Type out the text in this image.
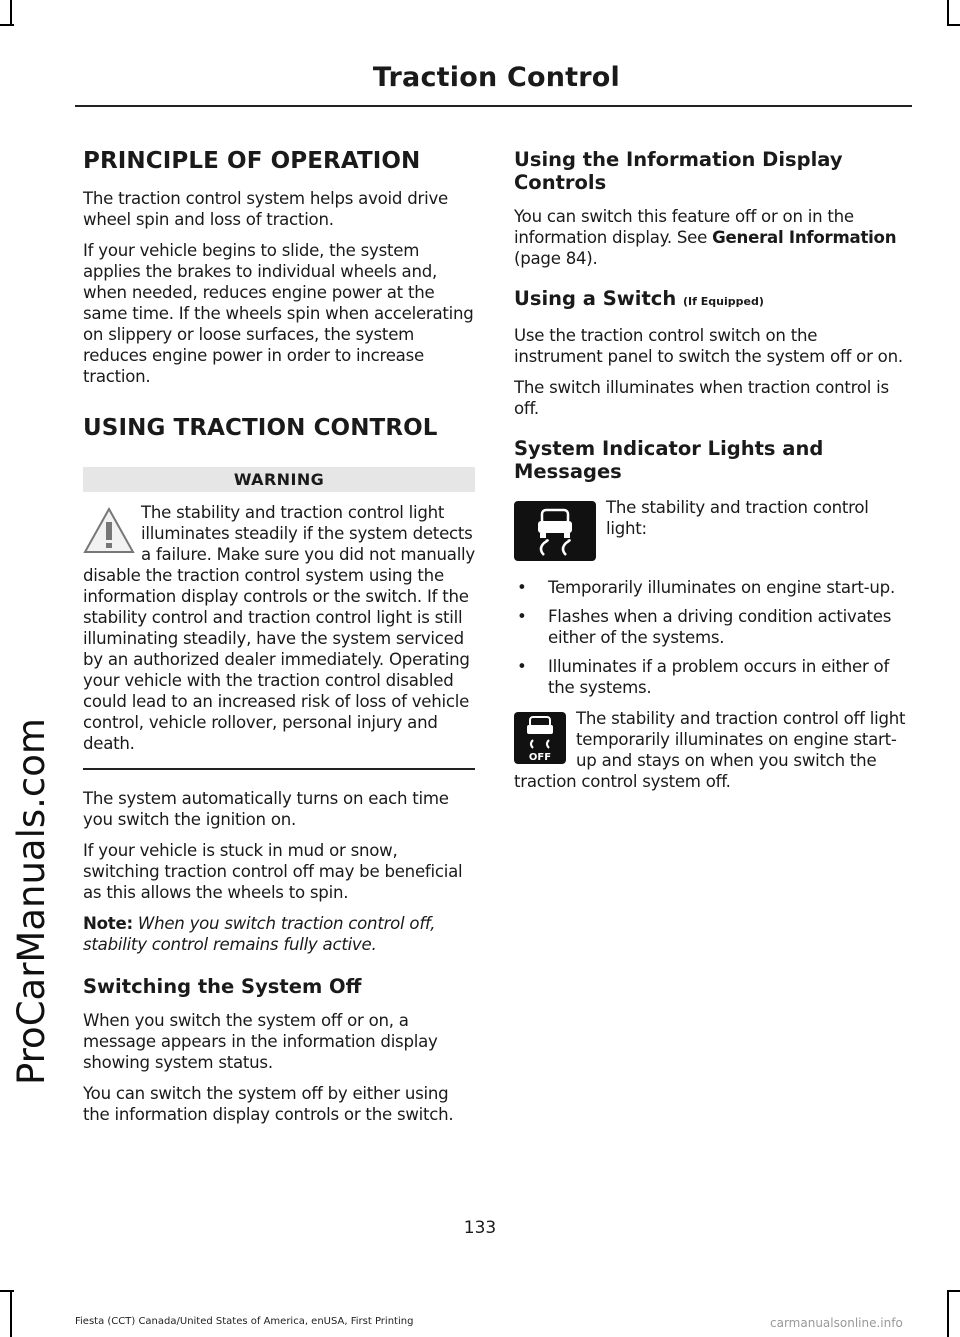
ProCarManuals.com
Traction Control
PRINCIPLE OF OPERATION

The traction control system helps avoid drive wheel spin and loss of traction.

If your vehicle begins to slide, the system applies the brakes to individual wheels and, when needed, reduces engine power at the same time. If the wheels spin when accelerating on slippery or loose surfaces, the system reduces engine power in order to increase traction.

USING TRACTION CONTROL
WARNING
The stability and traction control light illuminates steadily if the system detects a failure. Make sure you did not manually disable the traction control system using the information display controls or the switch. If the stability control and traction control light is still illuminating steadily, have the system serviced by an authorized dealer immediately. Operating your vehicle with the traction control disabled could lead to an increased risk of loss of vehicle control, vehicle rollover, personal injury and death.

The system automatically turns on each time you switch the ignition on.

If your vehicle is stuck in mud or snow, switching traction control off may be beneficial as this allows the wheels to spin.

Note: When you switch traction control off, stability control remains fully active.

Switching the System Off

When you switch the system off or on, a message appears in the information display showing system status.

You can switch the system off by either using the information display controls or the switch.

Using the Information Display Controls

You can switch this feature off or on in the information display. See General Information (page 84).

Using a Switch (If Equipped)

Use the traction control switch on the instrument panel to switch the system off or on.

The switch illuminates when traction control is off.

System Indicator Lights and Messages

The stability and traction control light:

• Temporarily illuminates on engine start-up.
• Flashes when a driving condition activates either of the systems.
• Illuminates if a problem occurs in either of the systems.
OFF

The stability and traction control off light temporarily illuminates on engine start-up and stays on when you switch the traction control system off.

133
Fiesta (CCT) Canada/United States of America, enUSA, First Printing	carmanualsonline.info
